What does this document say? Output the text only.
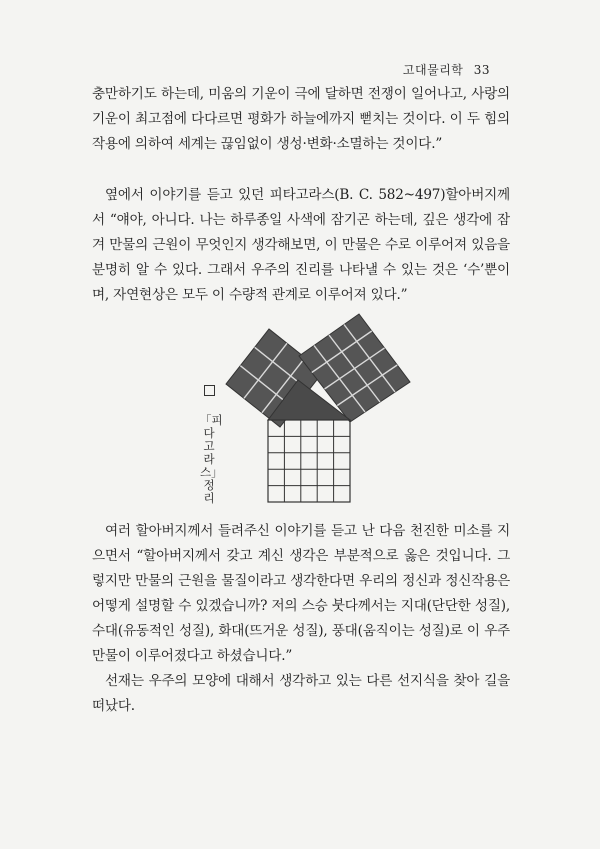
고대물리학 33

충만하기도 하는데, 미움의 기운이 극에 달하면 전쟁이 일어나고, 사랑의 기운이 최고점에 다다르면 평화가 하늘에까지 뻗치는 것이다. 이 두 힘의 작용에 의하여 세계는 끊임없이 생성·변화·소멸하는 것이다.”

옆에서 이야기를 듣고 있던 피타고라스(B. C. 582~497)할아버지께서 “얘야, 아니다. 나는 하루종일 사색에 잠기곤 하는데, 깊은 생각에 잠겨 만물의 근원이 무엇인지 생각해보면, 이 만물은 수로 이루어져 있음을 분명히 알 수 있다. 그래서 우주의 진리를 나타낼 수 있는 것은 ‘수’뿐이며, 자연현상은 모두 이 수량적 관계로 이루어져 있다.”

「피
다
고
라
스」
정
리

여러 할아버지께서 들려주신 이야기를 듣고 난 다음 천진한 미소를 지으면서 “할아버지께서 갖고 계신 생각은 부분적으로 옳은 것입니다. 그렇지만 만물의 근원을 물질이라고 생각한다면 우리의 정신과 정신작용은 어떻게 설명할 수 있겠습니까? 저의 스승 붓다께서는 지대(단단한 성질), 수대(유동적인 성질), 화대(뜨거운 성질), 풍대(움직이는 성질)로 이 우주 만물이 이루어졌다고 하셨습니다.”

선재는 우주의 모양에 대해서 생각하고 있는 다른 선지식을 찾아 길을 떠났다.
